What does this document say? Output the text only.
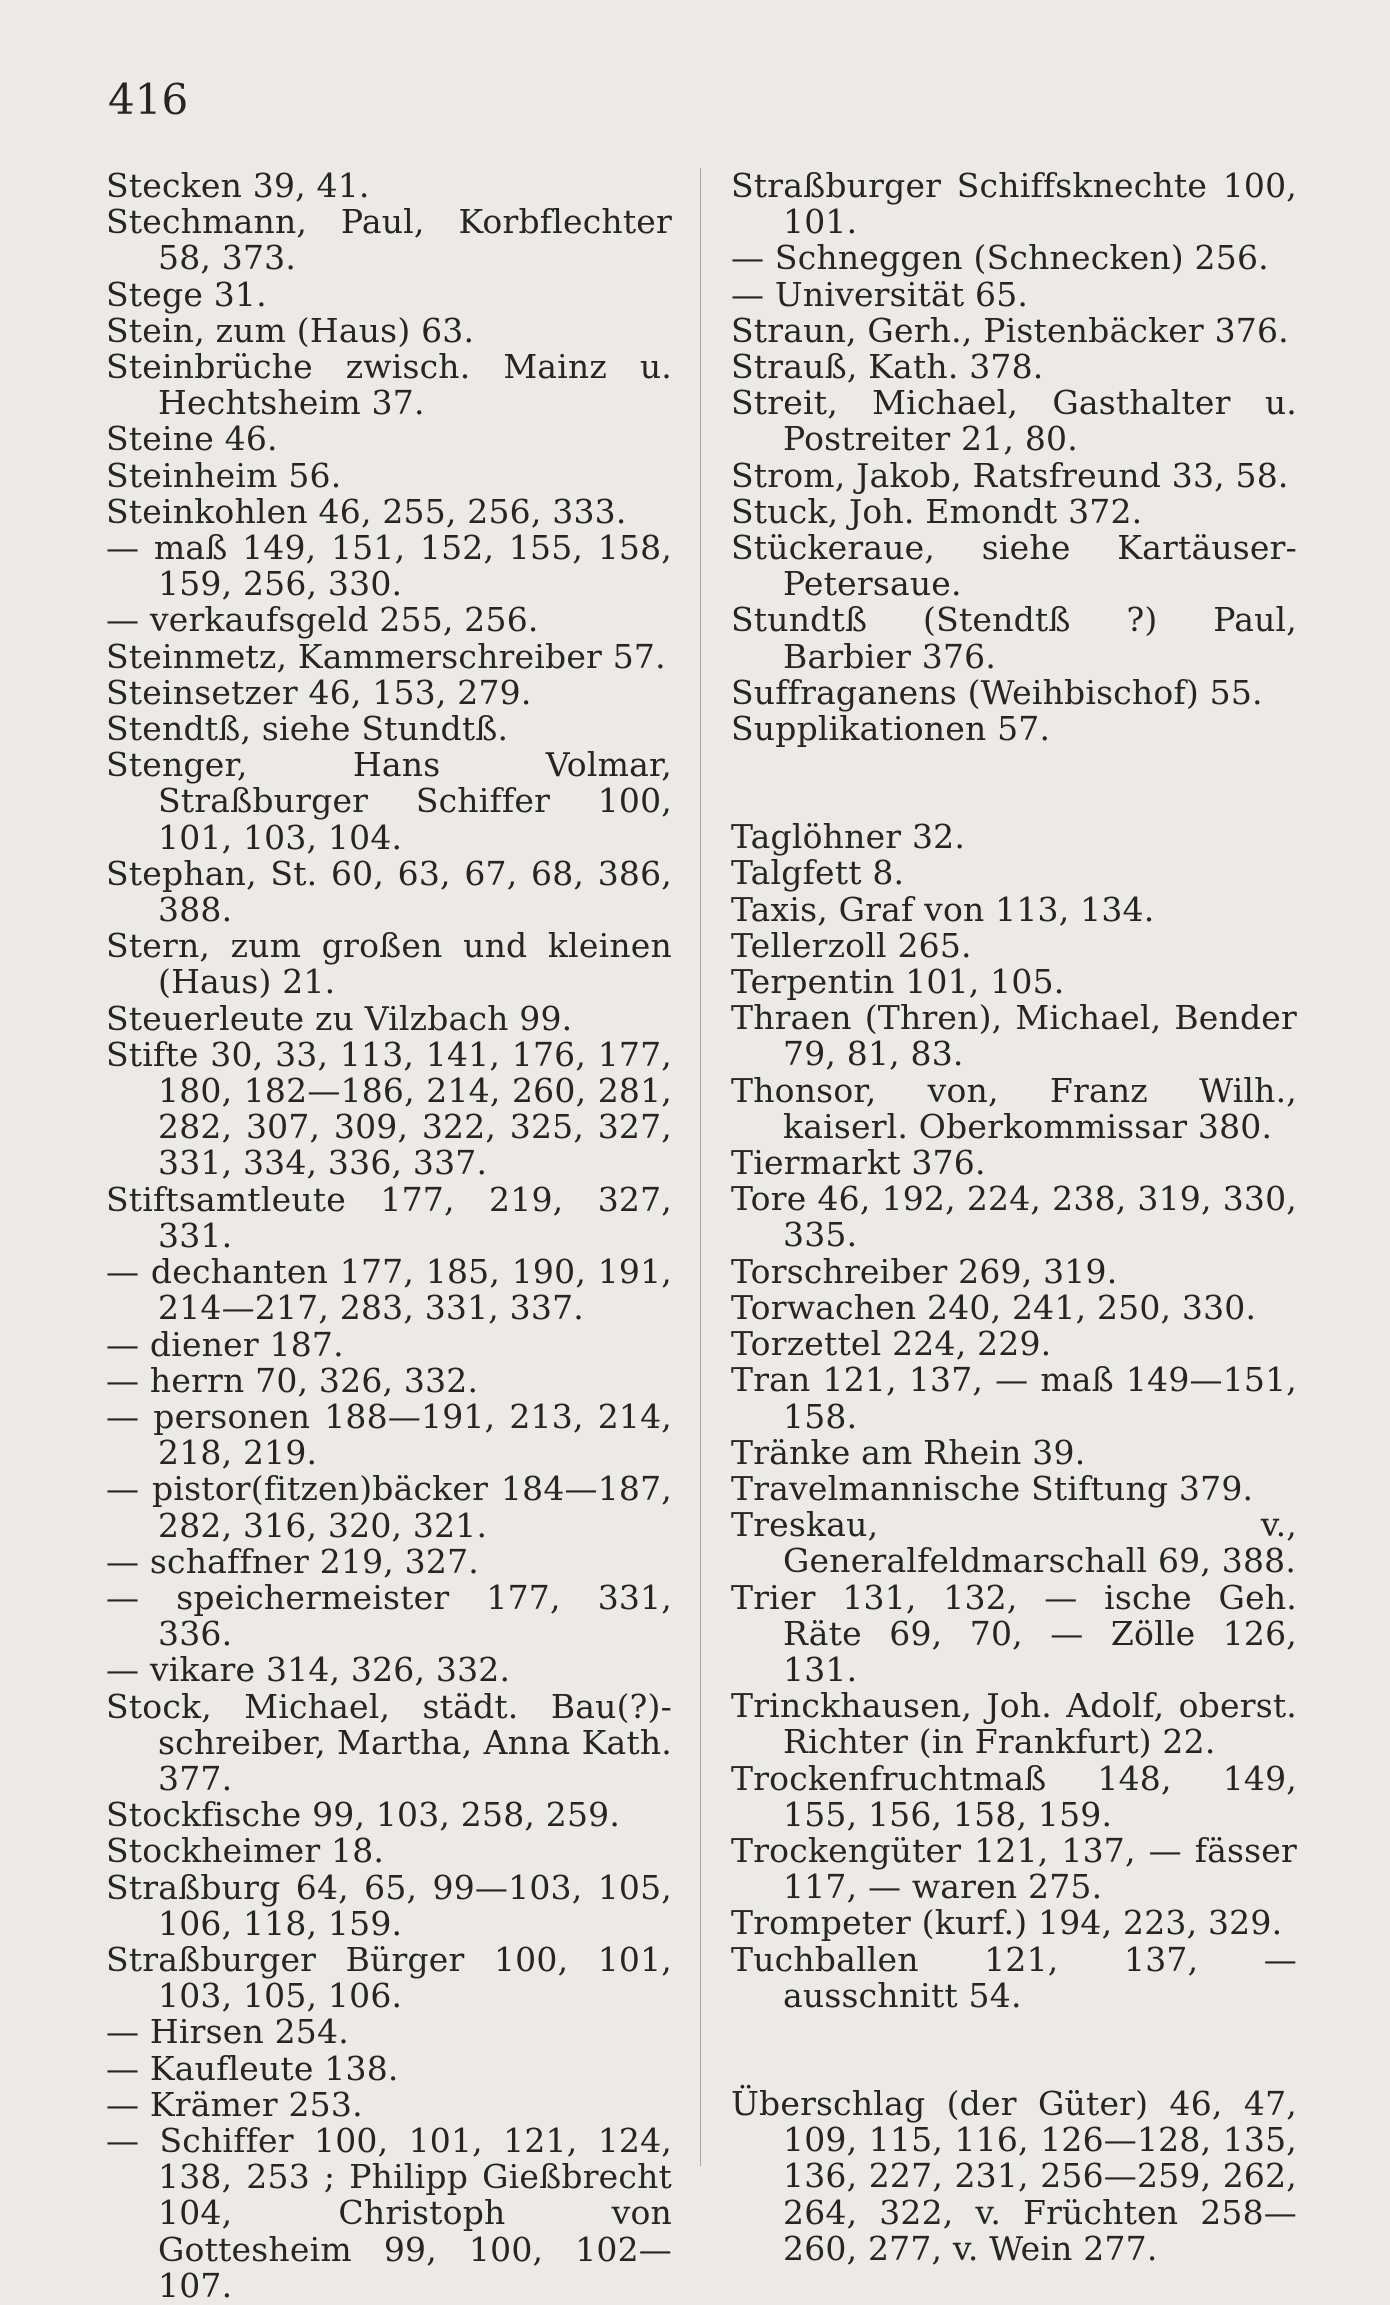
416

Stecken 39, 41.

Stechmann, Paul, Korbflechter 58, 373.

Stege 31.

Stein, zum (Haus) 63.

Steinbrüche zwisch. Mainz u. Hechtsheim 37.

Steine 46.

Steinheim 56.

Steinkohlen 46, 255, 256, 333.

— maß 149, 151, 152, 155, 158, 159, 256, 330.

— verkaufsgeld 255, 256.

Steinmetz, Kammerschreiber 57.

Steinsetzer 46, 153, 279.

Stendtß, siehe Stundtß.

Stenger, Hans Volmar, Straßburger Schiffer 100, 101, 103, 104.

Stephan, St. 60, 63, 67, 68, 386, 388.

Stern, zum großen und kleinen (Haus) 21.

Steuerleute zu Vilzbach 99.

Stifte 30, 33, 113, 141, 176, 177, 180, 182—186, 214, 260, 281, 282, 307, 309, 322, 325, 327, 331, 334, 336, 337.

Stiftsamtleute 177, 219, 327, 331.

— dechanten 177, 185, 190, 191, 214—217, 283, 331, 337.

— diener 187.

— herrn 70, 326, 332.

— personen 188—191, 213, 214, 218, 219.

— pistor(fitzen)bäcker 184—187, 282, 316, 320, 321.

— schaffner 219, 327.

— speichermeister 177, 331, 336.

— vikare 314, 326, 332.

Stock, Michael, städt. Bau(?)-schreiber, Martha, Anna Kath. 377.

Stockfische 99, 103, 258, 259.

Stockheimer 18.

Straßburg 64, 65, 99—103, 105, 106, 118, 159.

Straßburger Bürger 100, 101, 103, 105, 106.

— Hirsen 254.

— Kaufleute 138.

— Krämer 253.

— Schiffer 100, 101, 121, 124, 138, 253 ; Philipp Gießbrecht 104, Christoph von Gottesheim 99, 100, 102—107.

Straßburger Schiffsknechte 100, 101.

— Schneggen (Schnecken) 256.

— Universität 65.

Straun, Gerh., Pistenbäcker 376.

Strauß, Kath. 378.

Streit, Michael, Gasthalter u. Postreiter 21, 80.

Strom, Jakob, Ratsfreund 33, 58.

Stuck, Joh. Emondt 372.

Stückeraue, siehe Kartäuser-Petersaue.

Stundtß (Stendtß ?) Paul, Barbier 376.

Suffraganens (Weihbischof) 55.

Supplikationen 57.

Taglöhner 32.

Talgfett 8.

Taxis, Graf von 113, 134.

Tellerzoll 265.

Terpentin 101, 105.

Thraen (Thren), Michael, Bender 79, 81, 83.

Thonsor, von, Franz Wilh., kaiserl. Oberkommissar 380.

Tiermarkt 376.

Tore 46, 192, 224, 238, 319, 330, 335.

Torschreiber 269, 319.

Torwachen 240, 241, 250, 330.

Torzettel 224, 229.

Tran 121, 137, — maß 149—151, 158.

Tränke am Rhein 39.

Travelmannische Stiftung 379.

Treskau, v., Generalfeldmarschall 69, 388.

Trier 131, 132, — ische Geh. Räte 69, 70, — Zölle 126, 131.

Trinckhausen, Joh. Adolf, oberst. Richter (in Frankfurt) 22.

Trockenfruchtmaß 148, 149, 155, 156, 158, 159.

Trockengüter 121, 137, — fässer 117, — waren 275.

Trompeter (kurf.) 194, 223, 329.

Tuchballen 121, 137, — ausschnitt 54.

Überschlag (der Güter) 46, 47, 109, 115, 116, 126—128, 135, 136, 227, 231, 256—259, 262, 264, 322, v. Früchten 258—260, 277, v. Wein 277.
